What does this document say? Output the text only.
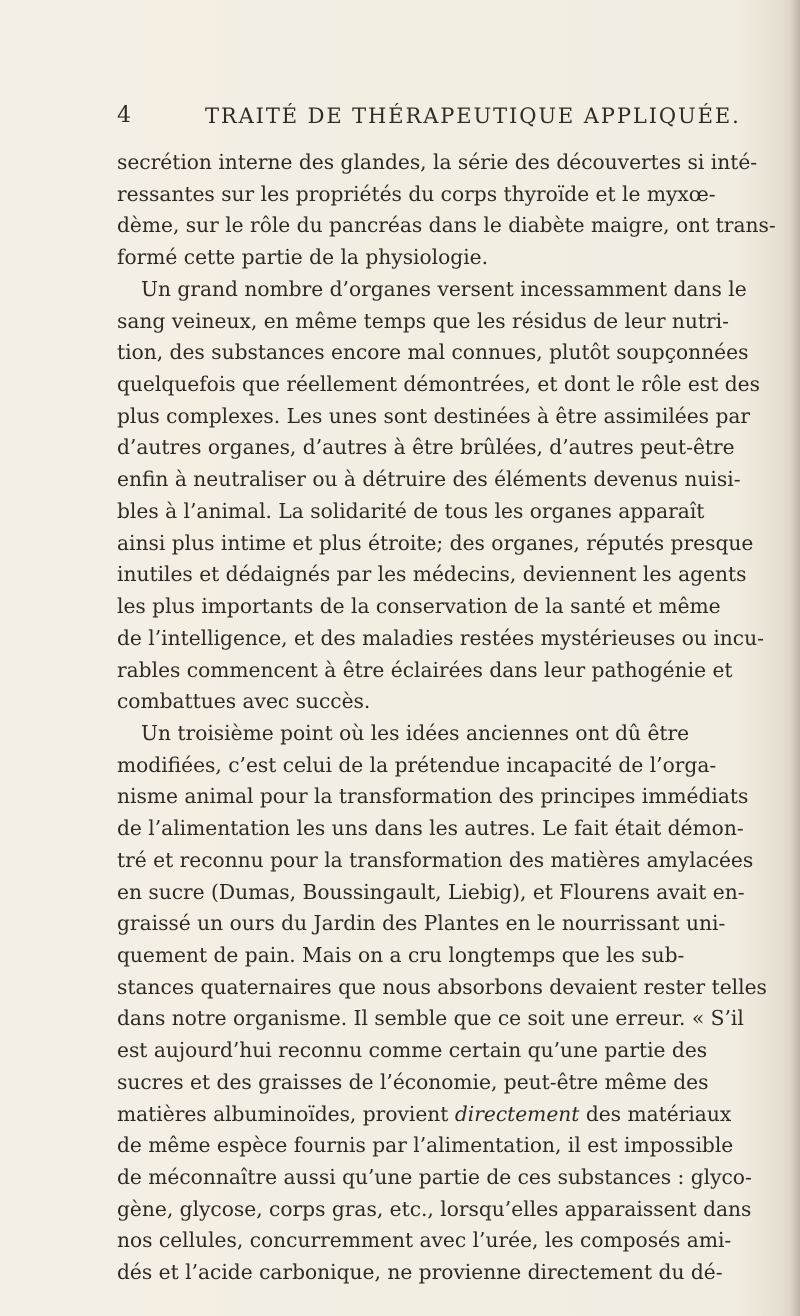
4	TRAITÉ DE THÉRAPEUTIQUE APPLIQUÉE.
secrétion interne des glandes, la série des découvertes si inté-
ressantes sur les propriétés du corps thyroïde et le myxœ-
dème, sur le rôle du pancréas dans le diabète maigre, ont trans-
formé cette partie de la physiologie.
Un grand nombre d’organes versent incessamment dans le
sang veineux, en même temps que les résidus de leur nutri-
tion, des substances encore mal connues, plutôt soupçonnées
quelquefois que réellement démontrées, et dont le rôle est des
plus complexes. Les unes sont destinées à être assimilées par
d’autres organes, d’autres à être brûlées, d’autres peut-être
enfin à neutraliser ou à détruire des éléments devenus nuisi-
bles à l’animal. La solidarité de tous les organes apparaît
ainsi plus intime et plus étroite; des organes, réputés presque
inutiles et dédaignés par les médecins, deviennent les agents
les plus importants de la conservation de la santé et même
de l’intelligence, et des maladies restées mystérieuses ou incu-
rables commencent à être éclairées dans leur pathogénie et
combattues avec succès.
Un troisième point où les idées anciennes ont dû être
modifiées, c’est celui de la prétendue incapacité de l’orga-
nisme animal pour la transformation des principes immédiats
de l’alimentation les uns dans les autres. Le fait était démon-
tré et reconnu pour la transformation des matières amylacées
en sucre (Dumas, Boussingault, Liebig), et Flourens avait en-
graissé un ours du Jardin des Plantes en le nourrissant uni-
quement de pain. Mais on a cru longtemps que les sub-
stances quaternaires que nous absorbons devaient rester telles
dans notre organisme. Il semble que ce soit une erreur. « S’il
est aujourd’hui reconnu comme certain qu’une partie des
sucres et des graisses de l’économie, peut-être même des
matières albuminoïdes, provient directement des matériaux
de même espèce fournis par l’alimentation, il est impossible
de méconnaître aussi qu’une partie de ces substances : glyco-
gène, glycose, corps gras, etc., lorsqu’elles apparaissent dans
nos cellules, concurremment avec l’urée, les composés ami-
dés et l’acide carbonique, ne provienne directement du dé-
